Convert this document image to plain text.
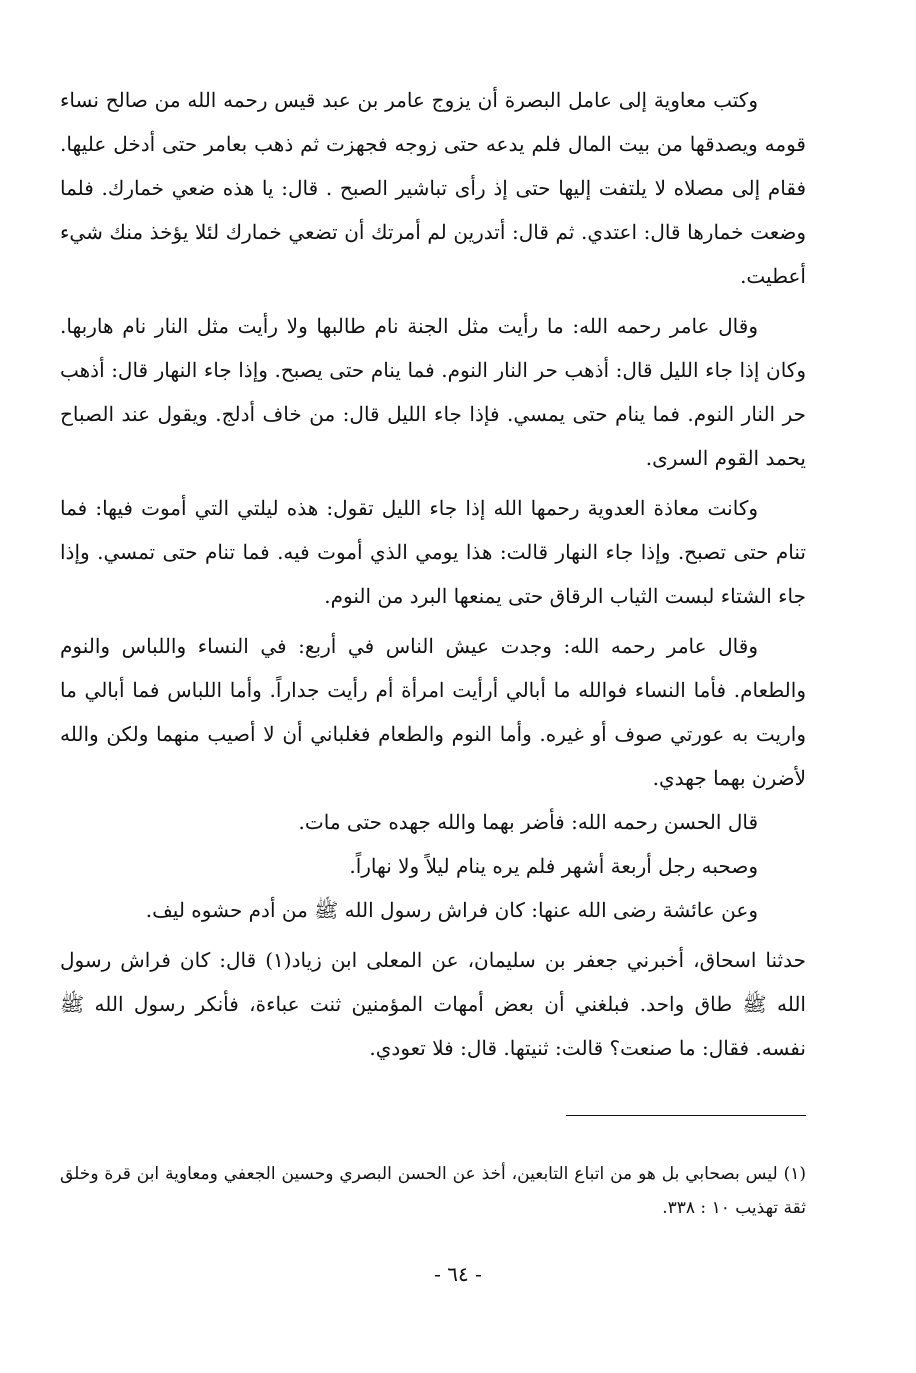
وكتب معاوية إلى عامل البصرة أن يزوج عامر بن عبد قيس رحمه الله من صالح نساء قومه ويصدقها من بيت المال فلم يدعه حتى زوجه فجهزت ثم ذهب بعامر حتى أدخل عليها. فقام إلى مصلاه لا يلتفت إليها حتى إذ رأى تباشير الصبح . قال: يا هذه ضعي خمارك. فلما وضعت خمارها قال: اعتدي. ثم قال: أتدرين لم أمرتك أن تضعي خمارك لئلا يؤخذ منك شيء أعطيت.

وقال عامر رحمه الله: ما رأيت مثل الجنة نام طالبها ولا رأيت مثل النار نام هاربها. وكان إذا جاء الليل قال: أذهب حر النار النوم. فما ينام حتى يصبح. وإذا جاء النهار قال: أذهب حر النار النوم. فما ينام حتى يمسي. فإذا جاء الليل قال: من خاف أدلج. ويقول عند الصباح يحمد القوم السرى.

وكانت معاذة العدوية رحمها الله إذا جاء الليل تقول: هذه ليلتي التي أموت فيها: فما تنام حتى تصبح. وإذا جاء النهار قالت: هذا يومي الذي أموت فيه. فما تنام حتى تمسي. وإذا جاء الشتاء لبست الثياب الرقاق حتى يمنعها البرد من النوم.

وقال عامر رحمه الله: وجدت عيش الناس في أربع: في النساء واللباس والنوم والطعام. فأما النساء فوالله ما أبالي أرأيت امرأة أم رأيت جداراً. وأما اللباس فما أبالي ما واريت به عورتي صوف أو غيره. وأما النوم والطعام فغلباني أن لا أصيب منهما ولكن والله لأضرن بهما جهدي.

قال الحسن رحمه الله: فأضر بهما والله جهده حتى مات.

وصحبه رجل أربعة أشهر فلم يره ينام ليلاً ولا نهاراً.

وعن عائشة رضى الله عنها: كان فراش رسول الله ﷺ من أدم حشوه ليف.

حدثنا اسحاق، أخبرني جعفر بن سليمان، عن المعلى ابن زياد(١) قال: كان فراش رسول الله ﷺ طاق واحد. فبلغني أن بعض أمهات المؤمنين ثنت عباءة، فأنكر رسول الله ﷺ نفسه. فقال: ما صنعت؟ قالت: ثنيتها. قال: فلا تعودي.

(١) ليس بصحابي بل هو من اتباع التابعين، أخذ عن الحسن البصري وحسين الجعفي ومعاوية ابن قرة وخلق ثقة تهذيب ١٠ : ٣٣٨.

- ٦٤ -
